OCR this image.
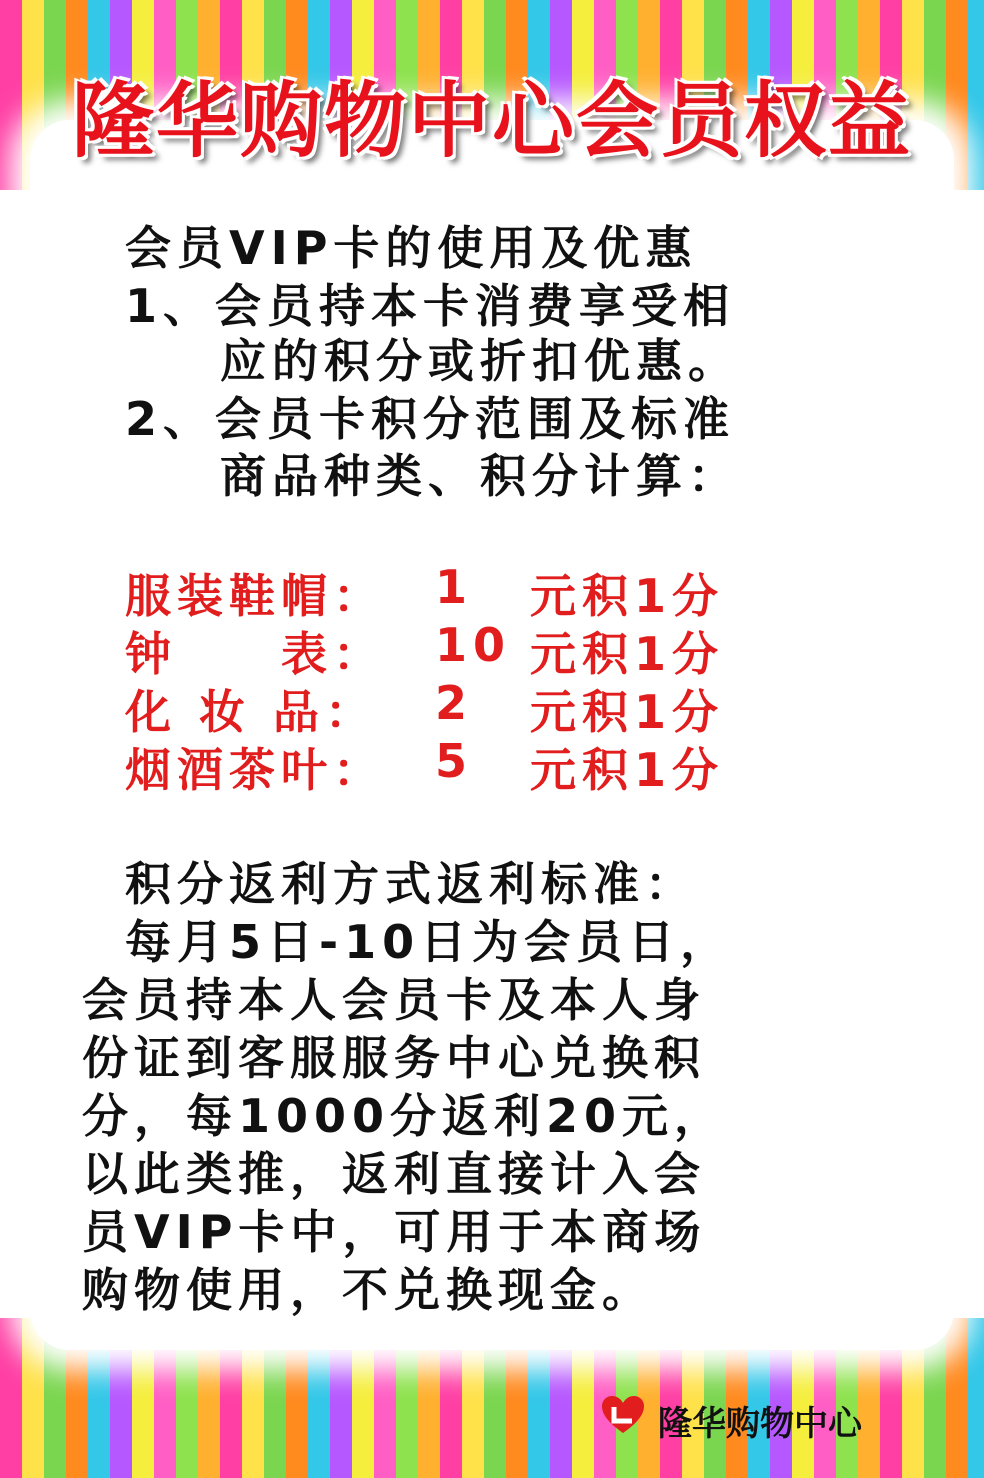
隆华购物中心会员权益
会员VIP卡的使用及优惠
1、会员持本卡消费享受相
应的积分或折扣优惠。
2、会员卡积分范围及标准
商品种类、积分计算：
服装鞋帽： 1 元积1分
钟　　表： 10 元积1分
化 妆 品： 2 元积1分
烟酒茶叶： 5 元积1分
积分返利方式返利标准：
每月5日-10日为会员日，
会员持本人会员卡及本人身
份证到客服服务中心兑换积
分，每1000分返利20元，
以此类推，返利直接计入会
员VIP卡中，可用于本商场
购物使用，不兑换现金。
隆华购物中心
